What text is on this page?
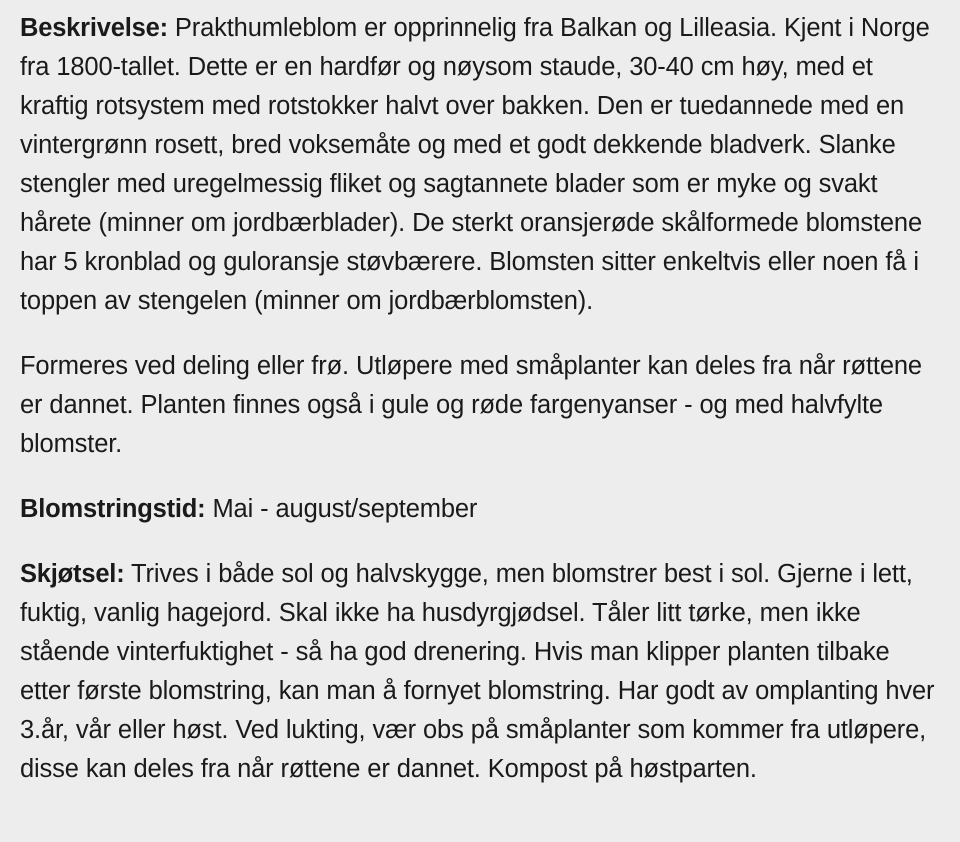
Beskrivelse: Prakthumleblom er opprinnelig fra Balkan og Lilleasia. Kjent i Norge fra 1800-tallet. Dette er en hardfør og nøysom staude, 30-40 cm høy, med et kraftig rotsystem med rotstokker halvt over bakken. Den er tuedannede med en vintergrønn rosett, bred voksemåte og med et godt dekkende bladverk. Slanke stengler med uregelmessig fliket og sagtannete blader som er myke og svakt hårete (minner om jordbærblader). De sterkt oransjerøde skålformede blomstene har 5 kronblad og guloransje støvbærere. Blomsten sitter enkeltvis eller noen få i toppen av stengelen (minner om jordbærblomsten).

Formeres ved deling eller frø. Utløpere med småplanter kan deles fra når røttene er dannet. Planten finnes også i gule og røde fargenyanser - og med halvfylte blomster.

Blomstringstid: Mai - august/september

Skjøtsel: Trives i både sol og halvskygge, men blomstrer best i sol. Gjerne i lett, fuktig, vanlig hagejord. Skal ikke ha husdyrgjødsel. Tåler litt tørke, men ikke stående vinterfuktighet - så ha god drenering. Hvis man klipper planten tilbake etter første blomstring, kan man å fornyet blomstring. Har godt av omplanting hver 3.år, vår eller høst. Ved lukting, vær obs på småplanter som kommer fra utløpere, disse kan deles fra når røttene er dannet. Kompost på høstparten.
